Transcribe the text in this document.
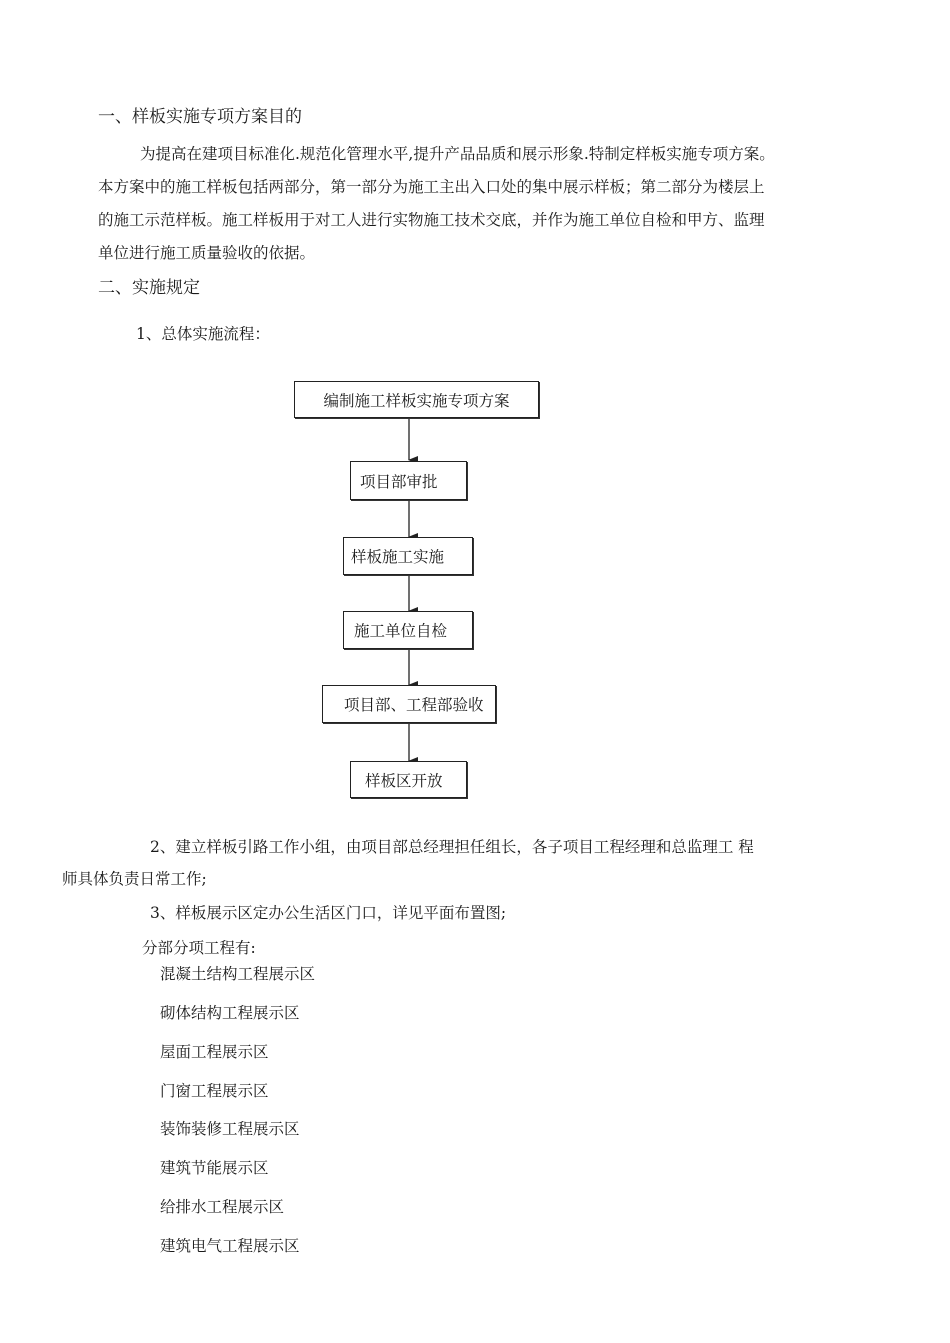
一、样板实施专项方案目的
为提高在建项目标准化.规范化管理水平,提升产品品质和展示形象.特制定样板实施专项方案。
本方案中的施工样板包括两部分，第一部分为施工主出入口处的集中展示样板；第二部分为楼层上
的施工示范样板。施工样板用于对工人进行实物施工技术交底，并作为施工单位自检和甲方、监理
单位进行施工质量验收的依据。
二、实施规定
1、总体实施流程：
编制施工样板实施专项方案
项目部审批
样板施工实施
施工单位自检
项目部、工程部验收
样板区开放
2、建立样板引路工作小组，由项目部总经理担任组长，各子项目工程经理和总监理工 程
师具体负责日常工作;
3、样板展示区定办公生活区门口，详见平面布置图;
分部分项工程有:
混凝土结构工程展示区
砌体结构工程展示区
屋面工程展示区
门窗工程展示区
装饰装修工程展示区
建筑节能展示区
给排水工程展示区
建筑电气工程展示区
